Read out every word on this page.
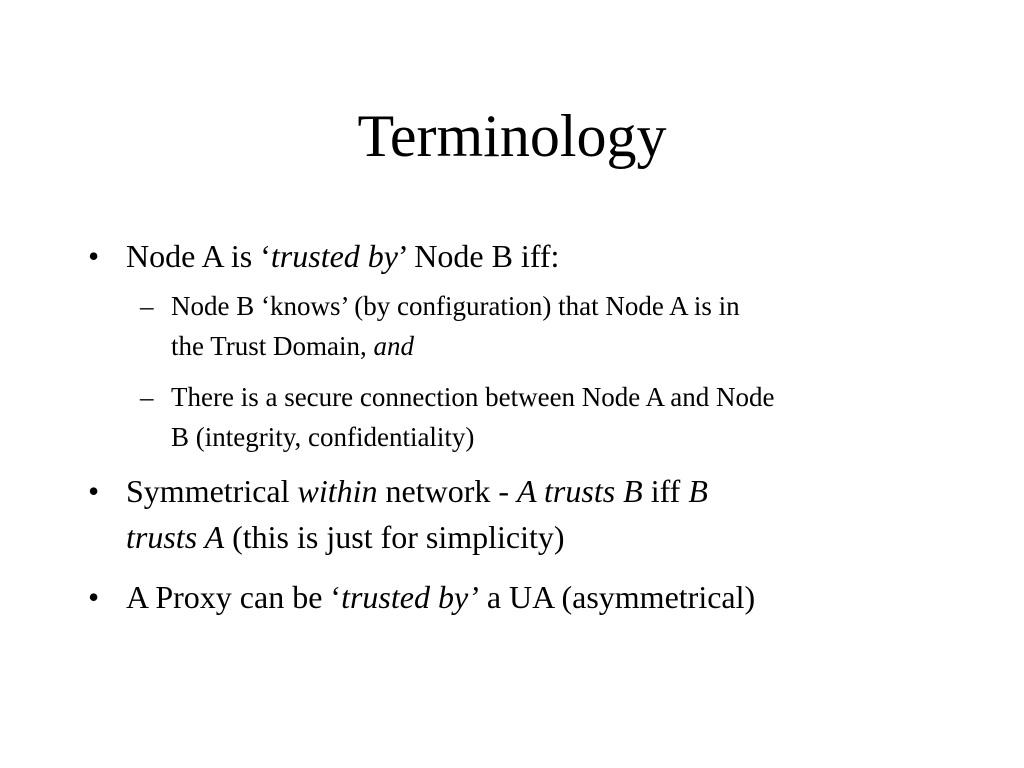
Terminology
• Node A is ‘trusted by’ Node B iff:
– Node B ‘knows’ (by configuration) that Node A is in
the Trust Domain, and
– There is a secure connection between Node A and Node
B (integrity, confidentiality)
• Symmetrical within network - A trusts B iff B
trusts A (this is just for simplicity)
• A Proxy can be ‘trusted by’ a UA (asymmetrical)
